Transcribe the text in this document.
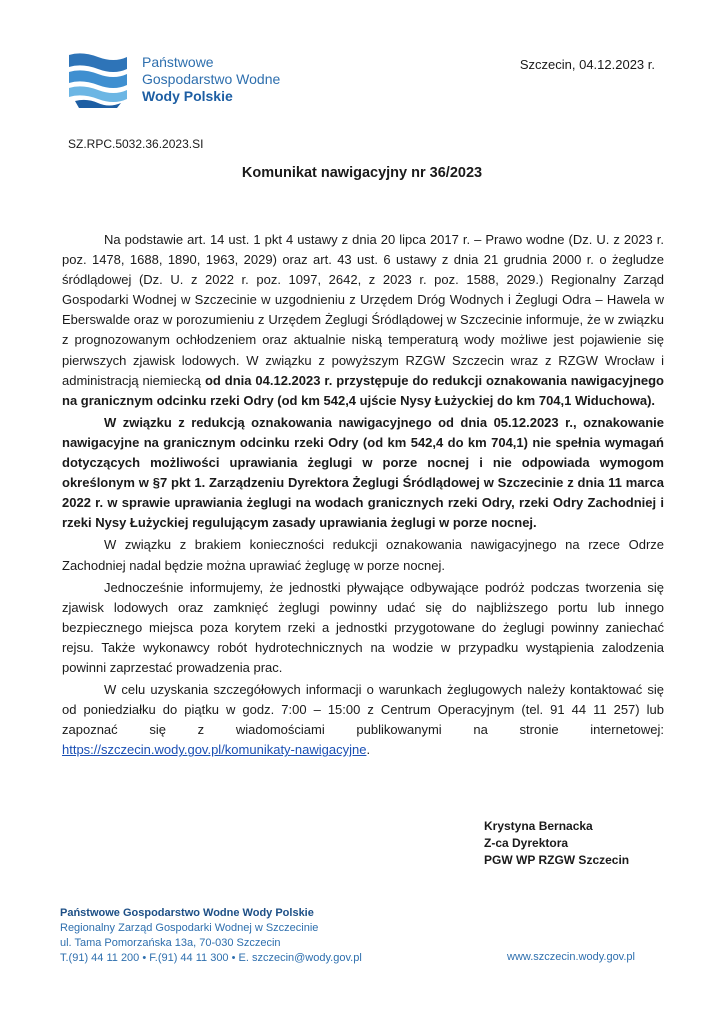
Państwowe
Gospodarstwo Wodne
Wody Polskie
Szczecin, 04.12.2023 r.
SZ.RPC.5032.36.2023.SI
Komunikat nawigacyjny nr 36/2023

Na podstawie art. 14 ust. 1 pkt 4 ustawy z dnia 20 lipca 2017 r. – Prawo wodne (Dz. U. z 2023 r. poz. 1478, 1688, 1890, 1963, 2029) oraz art. 43 ust. 6 ustawy z dnia 21 grudnia 2000 r. o żegludze śródlądowej (Dz. U. z 2022 r. poz. 1097, 2642, z 2023 r. poz. 1588, 2029.) Regionalny Zarząd Gospodarki Wodnej w Szczecinie w uzgodnieniu z Urzędem Dróg Wodnych i Żeglugi Odra – Hawela w Eberswalde oraz w porozumieniu z Urzędem Żeglugi Śródlądowej w Szczecinie informuje, że w związku z prognozowanym ochłodzeniem oraz aktualnie niską temperaturą wody możliwe jest pojawienie się pierwszych zjawisk lodowych. W związku z powyższym RZGW Szczecin wraz z RZGW Wrocław i administracją niemiecką od dnia 04.12.2023 r. przystępuje do redukcji oznakowania nawigacyjnego na granicznym odcinku rzeki Odry (od km 542,4 ujście Nysy Łużyckiej do km 704,1 Widuchowa).

W związku z redukcją oznakowania nawigacyjnego od dnia 05.12.2023 r., oznakowanie nawigacyjne na granicznym odcinku rzeki Odry (od km 542,4 do km 704,1) nie spełnia wymagań dotyczących możliwości uprawiania żeglugi w porze nocnej i nie odpowiada wymogom określonym w §7 pkt 1. Zarządzeniu Dyrektora Żeglugi Śródlądowej w Szczecinie z dnia 11 marca 2022 r. w sprawie uprawiania żeglugi na wodach granicznych rzeki Odry, rzeki Odry Zachodniej i rzeki Nysy Łużyckiej regulującym zasady uprawiania żeglugi w porze nocnej.

W związku z brakiem konieczności redukcji oznakowania nawigacyjnego na rzece Odrze Zachodniej nadal będzie można uprawiać żeglugę w porze nocnej.

Jednocześnie informujemy, że jednostki pływające odbywające podróż podczas tworzenia się zjawisk lodowych oraz zamknięć żeglugi powinny udać się do najbliższego portu lub innego bezpiecznego miejsca poza korytem rzeki a jednostki przygotowane do żeglugi powinny zaniechać rejsu. Także wykonawcy robót hydrotechnicznych na wodzie w przypadku wystąpienia zalodzenia powinni zaprzestać prowadzenia prac.

W celu uzyskania szczegółowych informacji o warunkach żeglugowych należy kontaktować się od poniedziałku do piątku w godz. 7:00 – 15:00 z Centrum Operacyjnym (tel. 91 44 11 257) lub zapoznać się z wiadomościami publikowanymi na stronie internetowej: https://szczecin.wody.gov.pl/komunikaty-nawigacyjne.

Krystyna Bernacka
Z-ca Dyrektora
PGW WP RZGW Szczecin
Państwowe Gospodarstwo Wodne Wody Polskie
Regionalny Zarząd Gospodarki Wodnej w Szczecinie
ul. Tama Pomorzańska 13a, 70-030 Szczecin
T.(91) 44 11 200 • F.(91) 44 11 300 • E. szczecin@wody.gov.pl	www.szczecin.wody.gov.pl
